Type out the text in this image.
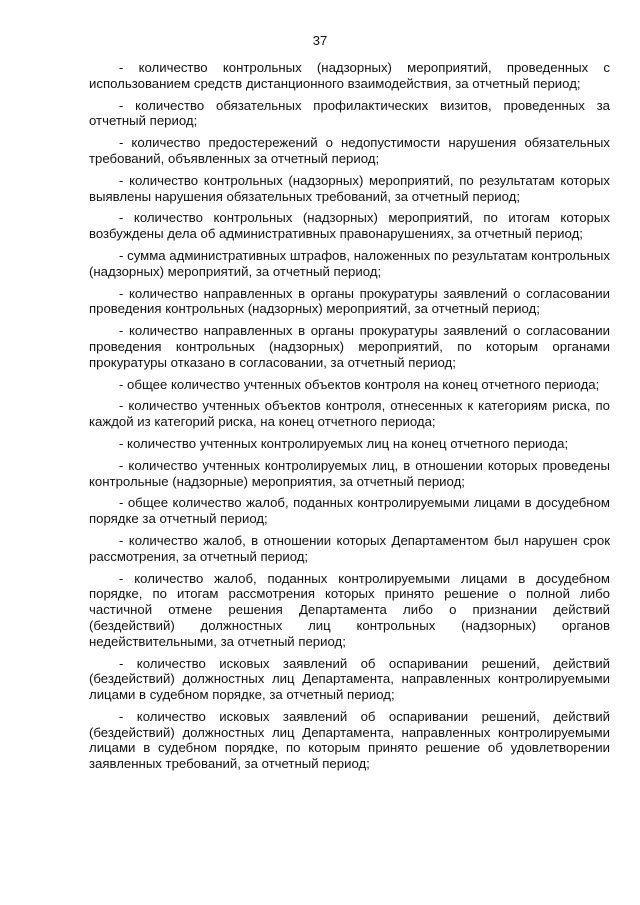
37

- количество контрольных (надзорных) мероприятий, проведенных с использованием средств дистанционного взаимодействия, за отчетный период;

- количество обязательных профилактических визитов, проведенных за отчетный период;

- количество предостережений о недопустимости нарушения обязательных требований, объявленных за отчетный период;

- количество контрольных (надзорных) мероприятий, по результатам которых выявлены нарушения обязательных требований, за отчетный период;

- количество контрольных (надзорных) мероприятий, по итогам которых возбуждены дела об административных правонарушениях, за отчетный период;

- сумма административных штрафов, наложенных по результатам контрольных (надзорных) мероприятий, за отчетный период;

- количество направленных в органы прокуратуры заявлений о согласовании проведения контрольных (надзорных) мероприятий, за отчетный период;

- количество направленных в органы прокуратуры заявлений о согласовании проведения контрольных (надзорных) мероприятий, по которым органами прокуратуры отказано в согласовании, за отчетный период;

- общее количество учтенных объектов контроля на конец отчетного периода;

- количество учтенных объектов контроля, отнесенных к категориям риска, по каждой из категорий риска, на конец отчетного периода;

- количество учтенных контролируемых лиц на конец отчетного периода;

- количество учтенных контролируемых лиц, в отношении которых проведены контрольные (надзорные) мероприятия, за отчетный период;

- общее количество жалоб, поданных контролируемыми лицами в досудебном порядке за отчетный период;

- количество жалоб, в отношении которых Департаментом был нарушен срок рассмотрения, за отчетный период;

- количество жалоб, поданных контролируемыми лицами в досудебном порядке, по итогам рассмотрения которых принято решение о полной либо частичной отмене решения Департамента либо о признании действий (бездействий) должностных лиц контрольных (надзорных) органов недействительными, за отчетный период;

- количество исковых заявлений об оспаривании решений, действий (бездействий) должностных лиц Департамента, направленных контролируемыми лицами в судебном порядке, за отчетный период;

- количество исковых заявлений об оспаривании решений, действий (бездействий) должностных лиц Департамента, направленных контролируемыми лицами в судебном порядке, по которым принято решение об удовлетворении заявленных требований, за отчетный период;
